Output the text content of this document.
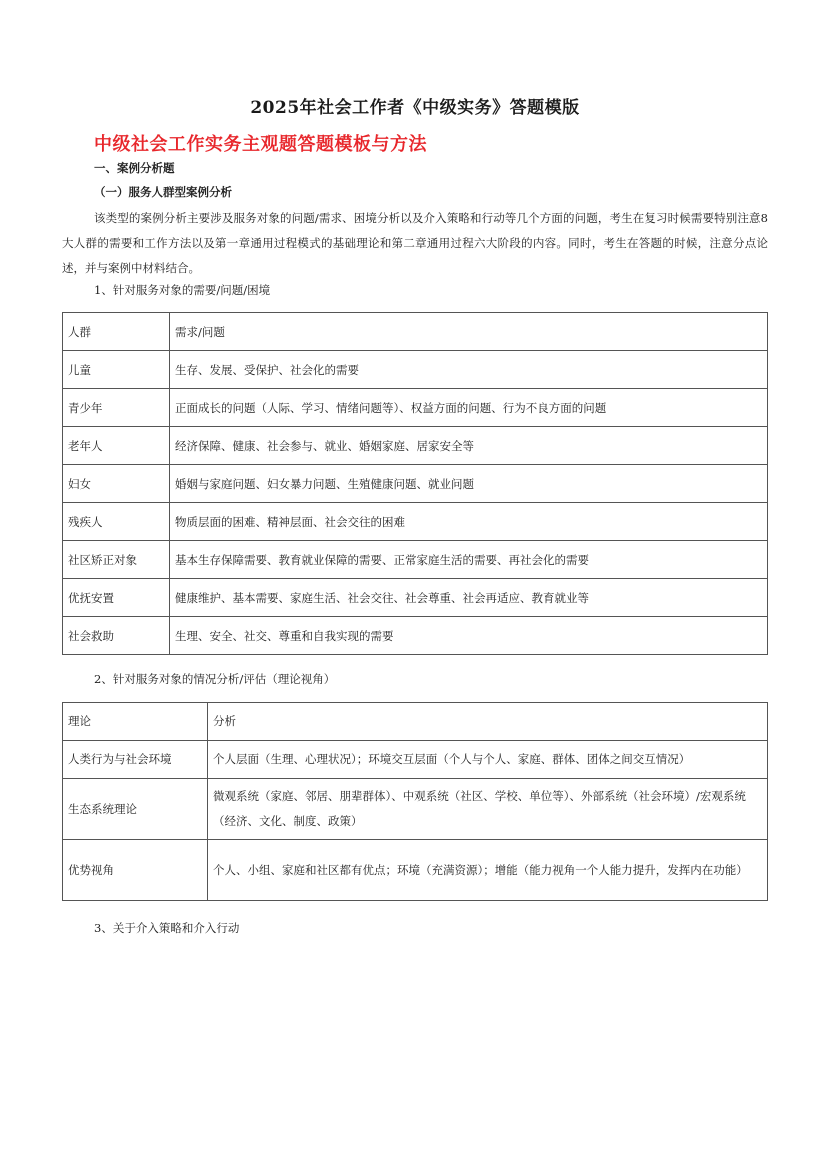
2025年社会工作者《中级实务》答题模版
中级社会工作实务主观题答题模板与方法
一、案例分析题
（一）服务人群型案例分析
该类型的案例分析主要涉及服务对象的问题/需求、困境分析以及介入策略和行动等几个方面的问题，考生在复习时候需要特别注意8大人群的需要和工作方法以及第一章通用过程模式的基础理论和第二章通用过程六大阶段的内容。同时，考生在答题的时候，注意分点论述，并与案例中材料结合。
1、针对服务对象的需要/问题/困境
人群	需求/问题
儿童	生存、发展、受保护、社会化的需要
青少年	正面成长的问题（人际、学习、情绪问题等）、权益方面的问题、行为不良方面的问题
老年人	经济保障、健康、社会参与、就业、婚姻家庭、居家安全等
妇女	婚姻与家庭问题、妇女暴力问题、生殖健康问题、就业问题
残疾人	物质层面的困难、精神层面、社会交往的困难
社区矫正对象	基本生存保障需要、教育就业保障的需要、正常家庭生活的需要、再社会化的需要
优抚安置	健康维护、基本需要、家庭生活、社会交往、社会尊重、社会再适应、教育就业等
社会救助	生理、安全、社交、尊重和自我实现的需要
2、针对服务对象的情况分析/评估（理论视角）
理论	分析
人类行为与社会环境	个人层面（生理、心理状况）；环境交互层面（个人与个人、家庭、群体、团体之间交互情况）
生态系统理论	微观系统（家庭、邻居、朋辈群体）、中观系统（社区、学校、单位等）、外部系统（社会环境）/宏观系统（经济、文化、制度、政策）
优势视角	个人、小组、家庭和社区都有优点；环境（充满资源）；增能（能力视角一个人能力提升，发挥内在功能）
3、关于介入策略和介入行动
